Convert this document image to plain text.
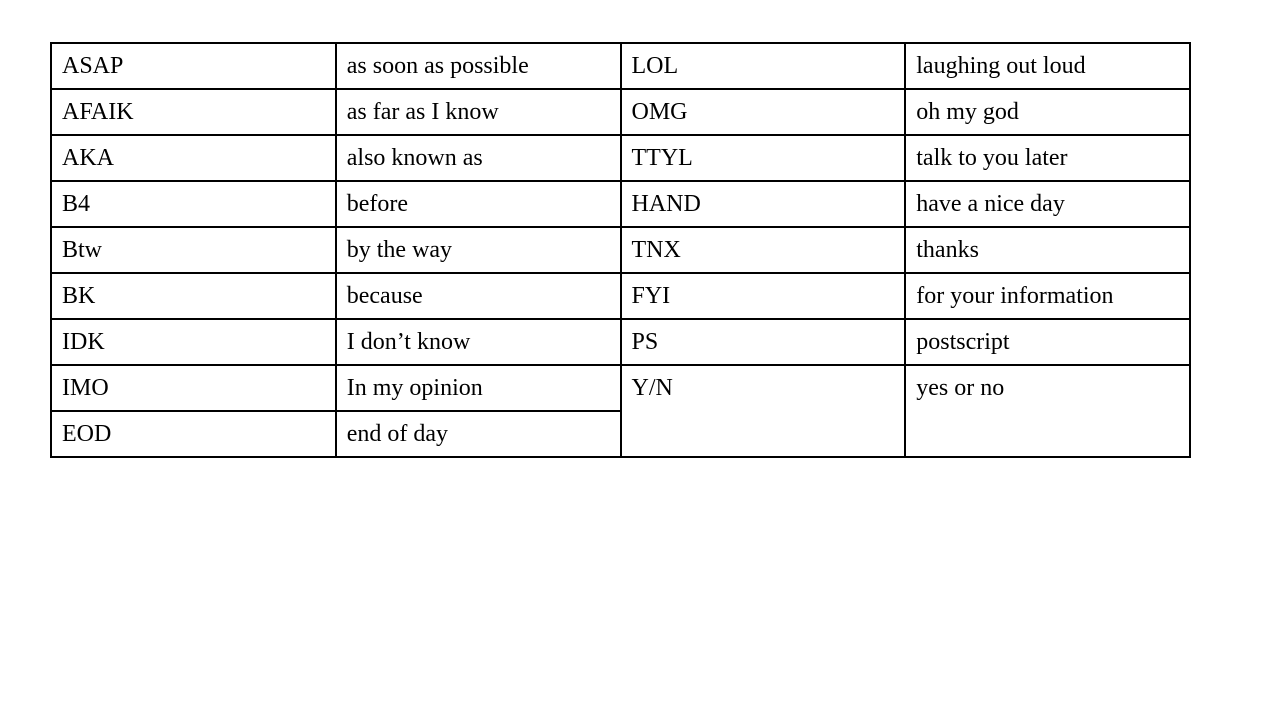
ASAP	as soon as possible	LOL	laughing out loud
AFAIK	as far as I know	OMG	oh my god
AKA	also known as	TTYL	talk to you later
B4	before	HAND	have a nice day
Btw	by the way	TNX	thanks
BK	because	FYI	for your information
IDK	I don’t know	PS	postscript
IMO	In my opinion	Y/N	yes or no
EOD	end of day		
